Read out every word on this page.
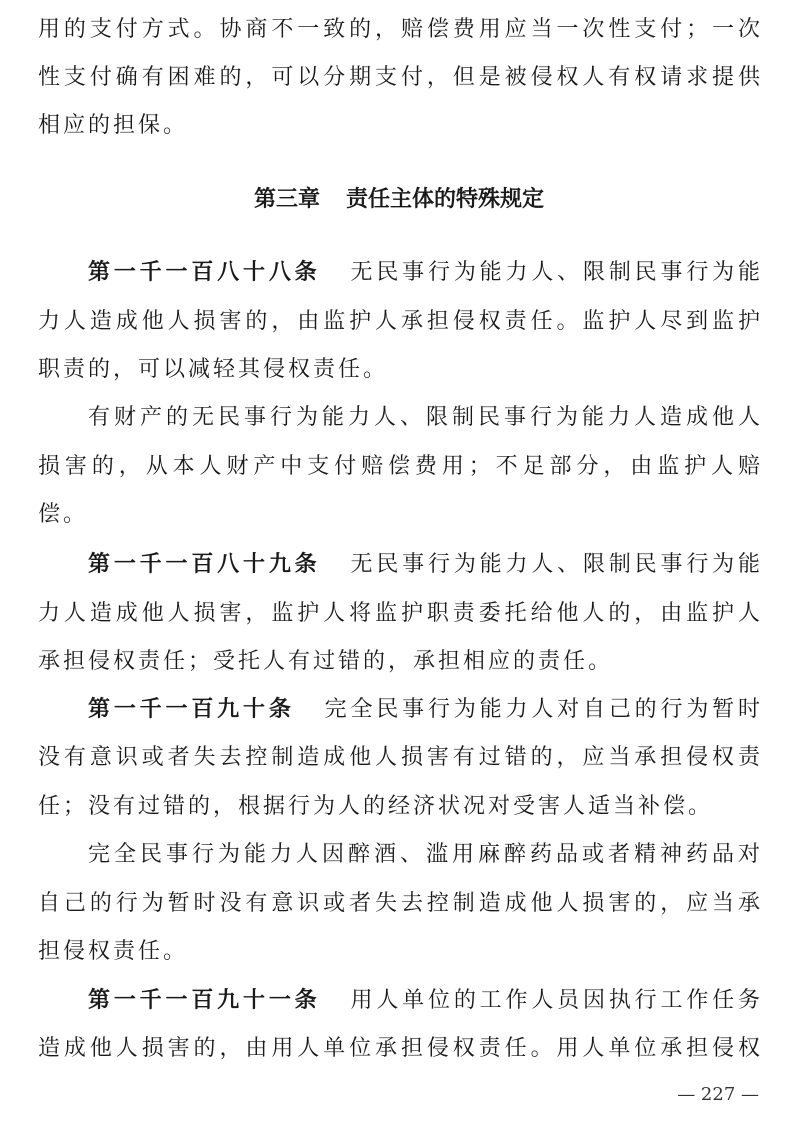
用的支付方式。协商不一致的，赔偿费用应当一次性支付；一次
性支付确有困难的，可以分期支付，但是被侵权人有权请求提供
相应的担保。
第三章 责任主体的特殊规定
第一千一百八十八条 无民事行为能力人、限制民事行为能
力人造成他人损害的，由监护人承担侵权责任。监护人尽到监护
职责的，可以减轻其侵权责任。
有财产的无民事行为能力人、限制民事行为能力人造成他人
损害的，从本人财产中支付赔偿费用；不足部分，由监护人赔
偿。
第一千一百八十九条 无民事行为能力人、限制民事行为能
力人造成他人损害，监护人将监护职责委托给他人的，由监护人
承担侵权责任；受托人有过错的，承担相应的责任。
第一千一百九十条 完全民事行为能力人对自己的行为暂时
没有意识或者失去控制造成他人损害有过错的，应当承担侵权责
任；没有过错的，根据行为人的经济状况对受害人适当补偿。
完全民事行为能力人因醉酒、滥用麻醉药品或者精神药品对
自己的行为暂时没有意识或者失去控制造成他人损害的，应当承
担侵权责任。
第一千一百九十一条 用人单位的工作人员因执行工作任务
造成他人损害的，由用人单位承担侵权责任。用人单位承担侵权
— 227 —
